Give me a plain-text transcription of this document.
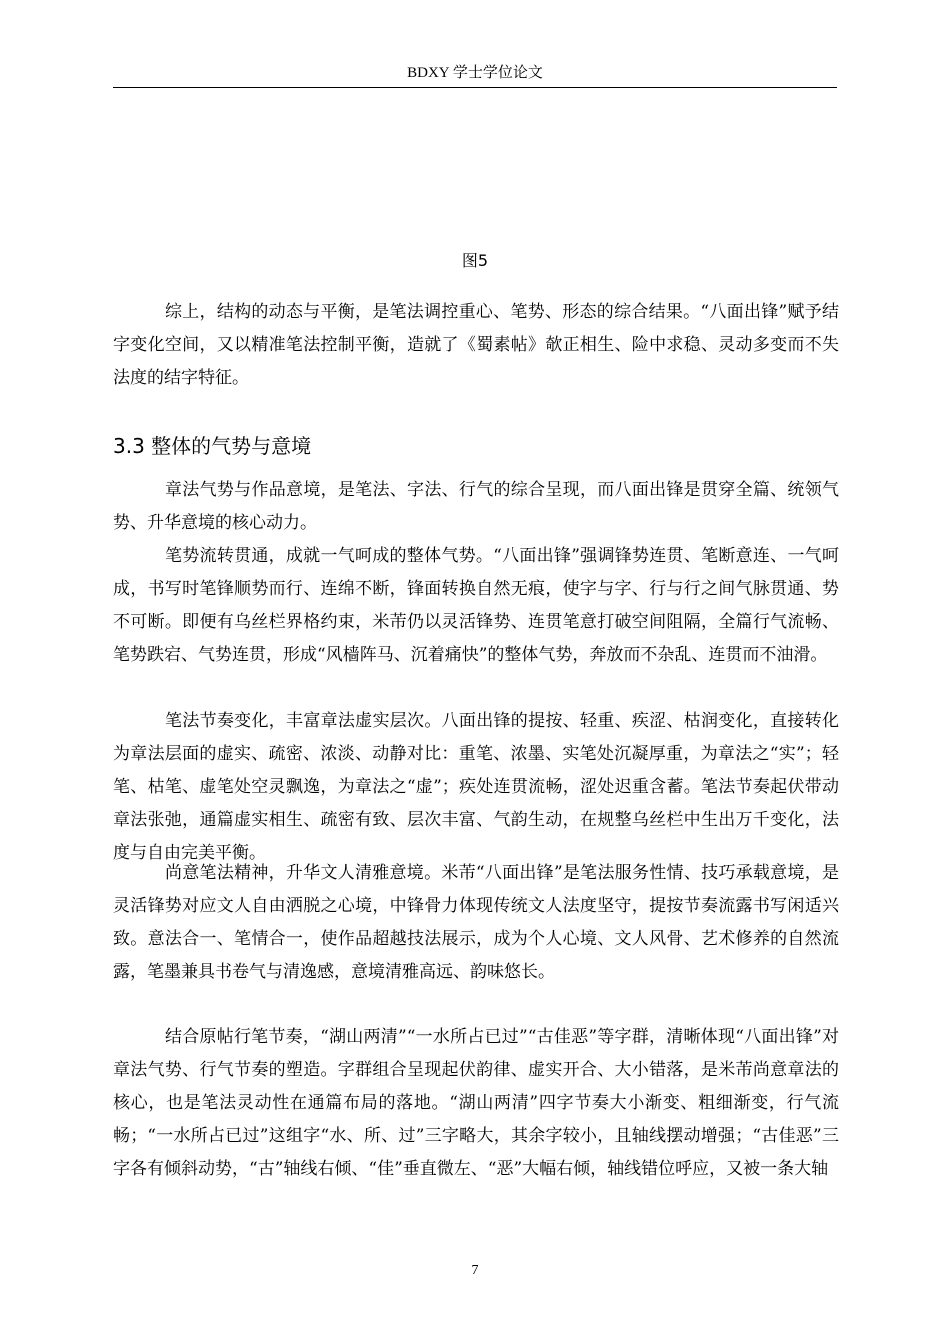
BDXY 学士学位论文
图5

综上，结构的动态与平衡，是笔法调控重心、笔势、形态的综合结果。“八面出锋”赋予结字变化空间，又以精准笔法控制平衡，造就了《蜀素帖》欹正相生、险中求稳、灵动多变而不失法度的结字特征。

3.3 整体的气势与意境

章法气势与作品意境，是笔法、字法、行气的综合呈现，而八面出锋是贯穿全篇、统领气势、升华意境的核心动力。

笔势流转贯通，成就一气呵成的整体气势。“八面出锋”强调锋势连贯、笔断意连、一气呵成，书写时笔锋顺势而行、连绵不断，锋面转换自然无痕，使字与字、行与行之间气脉贯通、势不可断。即便有乌丝栏界格约束，米芾仍以灵活锋势、连贯笔意打破空间阻隔，全篇行气流畅、笔势跌宕、气势连贯，形成“风樯阵马、沉着痛快”的整体气势，奔放而不杂乱、连贯而不油滑。

笔法节奏变化，丰富章法虚实层次。八面出锋的提按、轻重、疾涩、枯润变化，直接转化为章法层面的虚实、疏密、浓淡、动静对比：重笔、浓墨、实笔处沉凝厚重，为章法之“实”；轻笔、枯笔、虚笔处空灵飘逸，为章法之“虚”；疾处连贯流畅，涩处迟重含蓄。笔法节奏起伏带动章法张弛，通篇虚实相生、疏密有致、层次丰富、气韵生动，在规整乌丝栏中生出万千变化，法度与自由完美平衡。

尚意笔法精神，升华文人清雅意境。米芾“八面出锋”是笔法服务性情、技巧承载意境，是灵活锋势对应文人自由洒脱之心境，中锋骨力体现传统文人法度坚守，提按节奏流露书写闲适兴致。意法合一、笔情合一，使作品超越技法展示，成为个人心境、文人风骨、艺术修养的自然流露，笔墨兼具书卷气与清逸感，意境清雅高远、韵味悠长。

结合原帖行笔节奏，“湖山两清”“一水所占已过”“古佳恶”等字群，清晰体现“八面出锋”对章法气势、行气节奏的塑造。字群组合呈现起伏韵律、虚实开合、大小错落，是米芾尚意章法的核心，也是笔法灵动性在通篇布局的落地。“湖山两清”四字节奏大小渐变、粗细渐变，行气流畅；“一水所占已过”这组字“水、所、过”三字略大，其余字较小，且轴线摆动增强；“古佳恶”三字各有倾斜动势，“古”轴线右倾、“佳”垂直微左、“恶”大幅右倾，轴线错位呼应，又被一条大轴

7
